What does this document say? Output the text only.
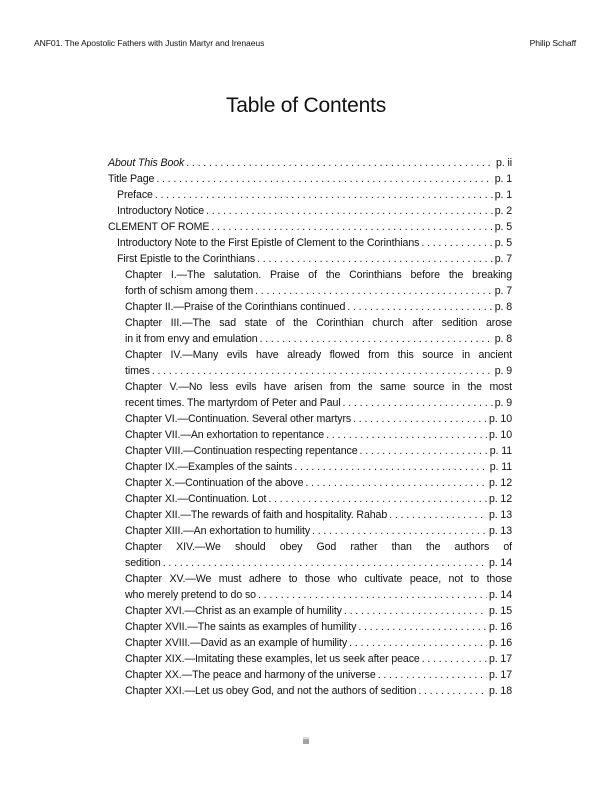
ANF01. The Apostolic Fathers with Justin Martyr and Irenaeus	Philip Schaff
Table of Contents
About This Book . . .	p. ii
Title Page . . .	p. 1
Preface . . .	p. 1
Introductory Notice . . .	p. 2
CLEMENT OF ROME . . .	p. 5
Introductory Note to the First Epistle of Clement to the Corinthians . . .	p. 5
First Epistle to the Corinthians . . .	p. 7
Chapter I.—The salutation. Praise of the Corinthians before the breaking
forth of schism among them . . .	p. 7
Chapter II.—Praise of the Corinthians continued . . .	p. 8
Chapter III.—The sad state of the Corinthian church after sedition arose
in it from envy and emulation . . .	p. 8
Chapter IV.—Many evils have already flowed from this source in ancient
times . . .	p. 9
Chapter V.—No less evils have arisen from the same source in the most
recent times. The martyrdom of Peter and Paul . . .	p. 9
Chapter VI.—Continuation. Several other martyrs . . .	p. 10
Chapter VII.—An exhortation to repentance . . .	p. 10
Chapter VIII.—Continuation respecting repentance . . .	p. 11
Chapter IX.—Examples of the saints . . .	p. 11
Chapter X.—Continuation of the above . . .	p. 12
Chapter XI.—Continuation. Lot . . .	p. 12
Chapter XII.—The rewards of faith and hospitality. Rahab . . .	p. 13
Chapter XIII.—An exhortation to humility . . .	p. 13
Chapter XIV.—We should obey God rather than the authors of
sedition . . .	p. 14
Chapter XV.—We must adhere to those who cultivate peace, not to those
who merely pretend to do so . . .	p. 14
Chapter XVI.—Christ as an example of humility . . .	p. 15
Chapter XVII.—The saints as examples of humility . . .	p. 16
Chapter XVIII.—David as an example of humility . . .	p. 16
Chapter XIX.—Imitating these examples, let us seek after peace . . .	p. 17
Chapter XX.—The peace and harmony of the universe . . .	p. 17
Chapter XXI.—Let us obey God, and not the authors of sedition . . .	p. 18
iii
